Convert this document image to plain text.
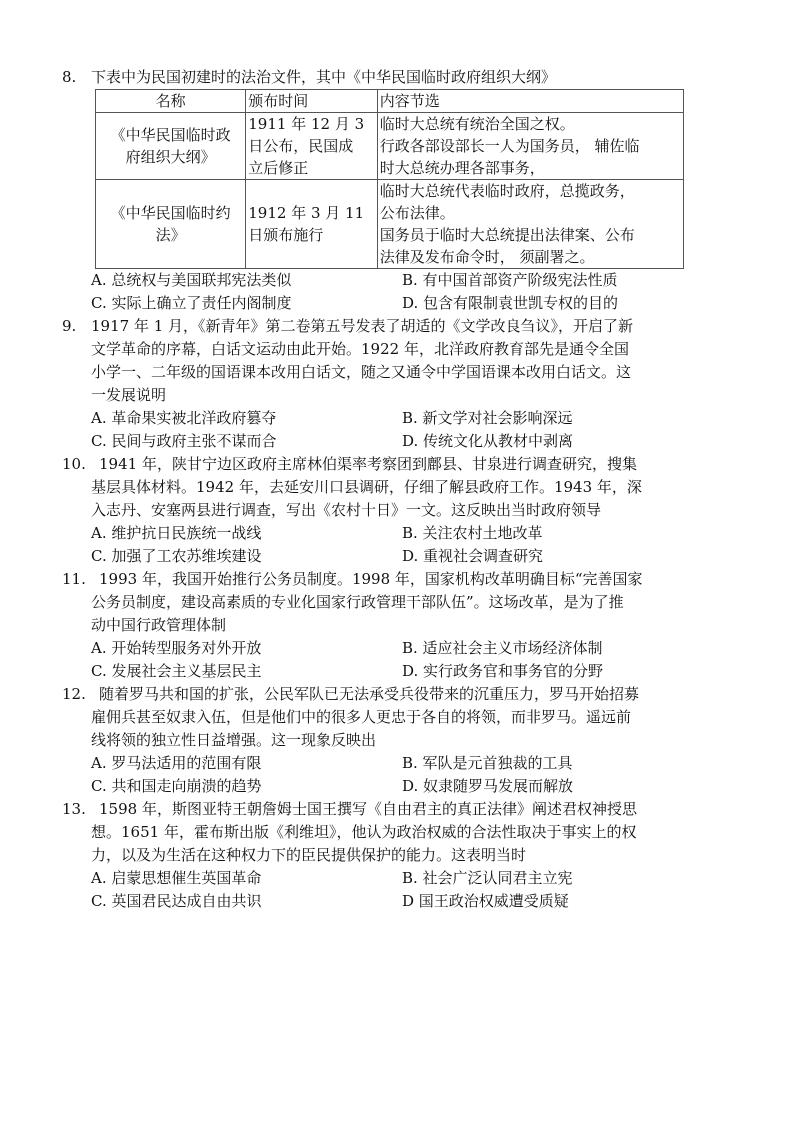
8. 下表中为民国初建时的法治文件，其中《中华民国临时政府组织大纲》
名称	颁布时间	内容节选

《中华民国临时政
府组织大纲》	1911 年 12 月 3
日公布，民国成
立后修正	临时大总统有统治全国之权。
行政各部设部长一人为国务员， 辅佐临
时大总统办理各部事务，

《中华民国临时约
法》	1912 年 3 月 11
日颁布施行	临时大总统代表临时政府，总揽政务，
公布法律。
国务员于临时大总统提出法律案、公布
法律及发布命令时， 须副署之。
A. 总统权与美国联邦宪法类似	B. 有中国首部资产阶级宪法性质
C. 实际上确立了责任内阁制度	D. 包含有限制袁世凯专权的目的
9. 1917 年 1 月，《新青年》第二卷第五号发表了胡适的《文学改良刍议》，开启了新
文学革命的序幕，白话文运动由此开始。1922 年，北洋政府教育部先是通令全国
小学一、二年级的国语课本改用白话文，随之又通令中学国语课本改用白话文。这
一发展说明
A. 革命果实被北洋政府篡夺	B. 新文学对社会影响深远
C. 民间与政府主张不谋而合	D. 传统文化从教材中剥离
10. 1941 年，陕甘宁边区政府主席林伯渠率考察团到鄜县、甘泉进行调查研究，搜集
基层具体材料。1942 年，去延安川口县调研，仔细了解县政府工作。1943 年，深
入志丹、安塞两县进行调查，写出《农村十日》一文。这反映出当时政府领导
A. 维护抗日民族统一战线	B. 关注农村土地改革
C. 加强了工农苏维埃建设	D. 重视社会调查研究
11. 1993 年，我国开始推行公务员制度。1998 年，国家机构改革明确目标“完善国家
公务员制度，建设高素质的专业化国家行政管理干部队伍”。这场改革，是为了推
动中国行政管理体制
A. 开始转型服务对外开放	B. 适应社会主义市场经济体制
C. 发展社会主义基层民主	D. 实行政务官和事务官的分野
12. 随着罗马共和国的扩张，公民军队已无法承受兵役带来的沉重压力，罗马开始招募
雇佣兵甚至奴隶入伍，但是他们中的很多人更忠于各自的将领，而非罗马。遥远前
线将领的独立性日益增强。这一现象反映出
A. 罗马法适用的范围有限	B. 军队是元首独裁的工具
C. 共和国走向崩溃的趋势	D. 奴隶随罗马发展而解放
13. 1598 年，斯图亚特王朝詹姆士国王撰写《自由君主的真正法律》阐述君权神授思
想。1651 年，霍布斯出版《利维坦》，他认为政治权威的合法性取决于事实上的权
力，以及为生活在这种权力下的臣民提供保护的能力。这表明当时
A. 启蒙思想催生英国革命	B. 社会广泛认同君主立宪
C. 英国君民达成自由共识	D 国王政治权威遭受质疑
